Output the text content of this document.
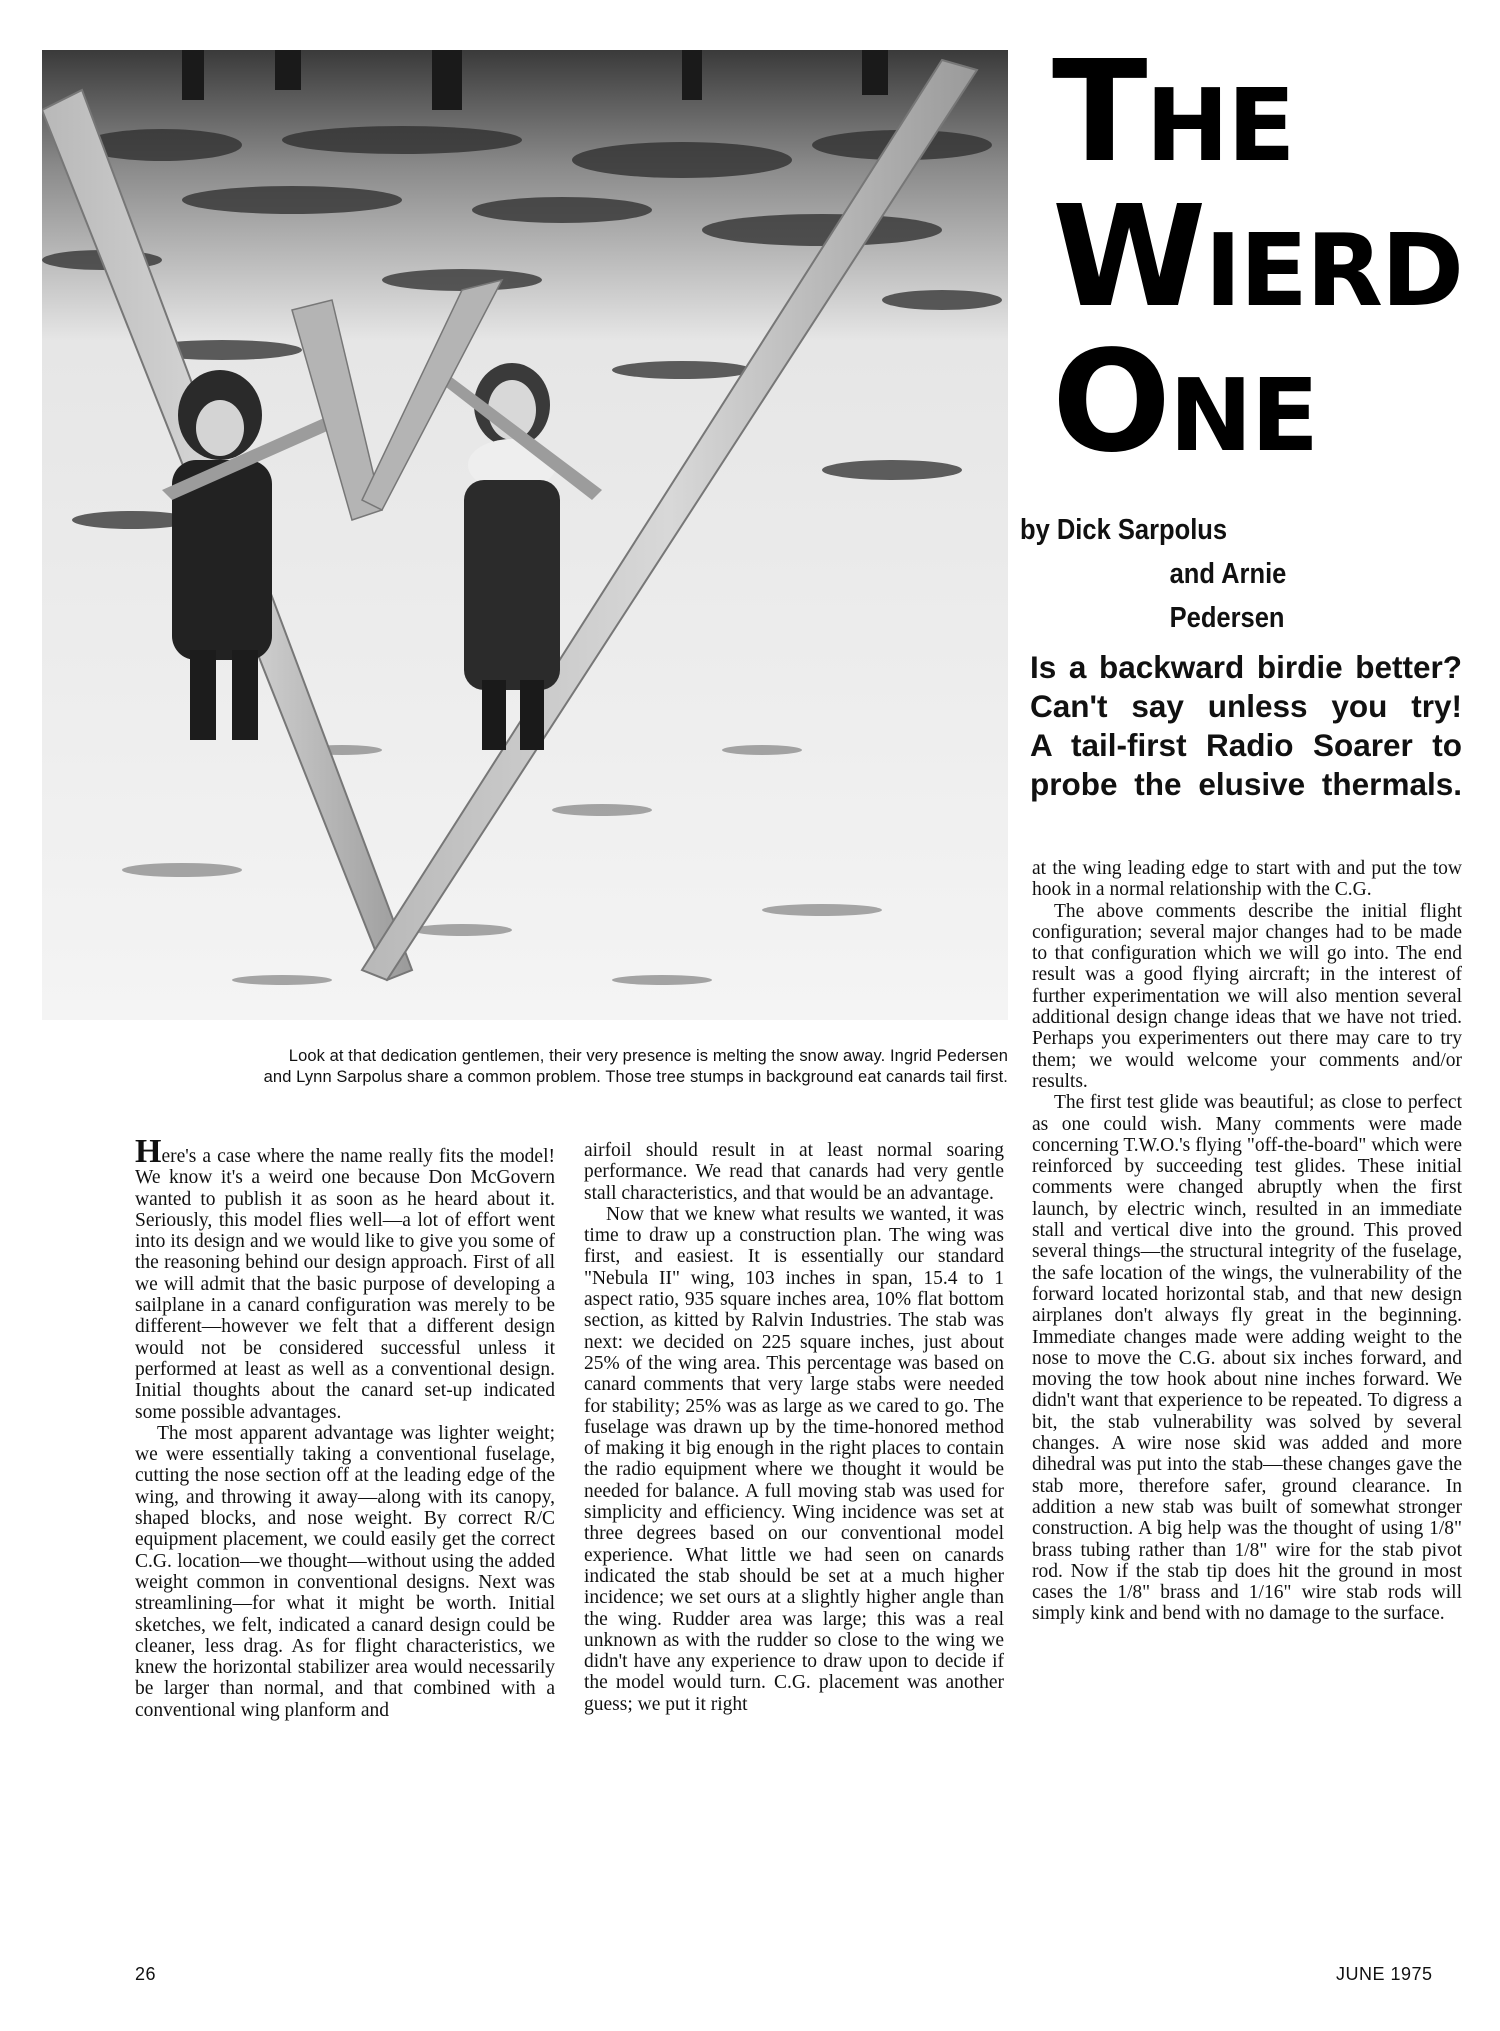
Look at that dedication gentlemen, their very presence is melting the snow away. Ingrid Pedersen
and Lynn Sarpolus share a common problem. Those tree stumps in background eat canards tail first.
THE
WIERD
ONE
by Dick Sarpolus
and Arnie Pedersen
Is a backward birdie better?
Can't say unless you try!
A tail-first Radio Soarer to
probe the elusive thermals.

Here's a case where the name really fits the model! We know it's a weird one because Don McGovern wanted to publish it as soon as he heard about it. Seriously, this model flies well—a lot of effort went into its design and we would like to give you some of the reasoning behind our design approach. First of all we will admit that the basic purpose of developing a sailplane in a canard configuration was merely to be different—however we felt that a different design would not be considered successful unless it performed at least as well as a conventional design. Initial thoughts about the canard set-up indicated some possible advantages.

The most apparent advantage was lighter weight; we were essentially taking a conventional fuselage, cutting the nose section off at the leading edge of the wing, and throwing it away—along with its canopy, shaped blocks, and nose weight. By correct R/C equipment placement, we could easily get the correct C.G. location—we thought—without using the added weight common in conventional designs. Next was streamlining—for what it might be worth. Initial sketches, we felt, indicated a canard design could be cleaner, less drag. As for flight characteristics, we knew the horizontal stabilizer area would necessarily be larger than normal, and that combined with a conventional wing planform and

airfoil should result in at least normal soaring performance. We read that canards had very gentle stall characteristics, and that would be an advantage.

Now that we knew what results we wanted, it was time to draw up a construction plan. The wing was first, and easiest. It is essentially our standard "Nebula II" wing, 103 inches in span, 15.4 to 1 aspect ratio, 935 square inches area, 10% flat bottom section, as kitted by Ralvin Industries. The stab was next: we decided on 225 square inches, just about 25% of the wing area. This percentage was based on canard comments that very large stabs were needed for stability; 25% was as large as we cared to go. The fuselage was drawn up by the time-honored method of making it big enough in the right places to contain the radio equipment where we thought it would be needed for balance. A full moving stab was used for simplicity and efficiency. Wing incidence was set at three degrees based on our conventional model experience. What little we had seen on canards indicated the stab should be set at a much higher incidence; we set ours at a slightly higher angle than the wing. Rudder area was large; this was a real unknown as with the rudder so close to the wing we didn't have any experience to draw upon to decide if the model would turn. C.G. placement was another guess; we put it right

at the wing leading edge to start with and put the tow hook in a normal relationship with the C.G.

The above comments describe the initial flight configuration; several major changes had to be made to that configuration which we will go into. The end result was a good flying aircraft; in the interest of further experimentation we will also mention several additional design change ideas that we have not tried. Perhaps you experimenters out there may care to try them; we would welcome your comments and/or results.

The first test glide was beautiful; as close to perfect as one could wish. Many comments were made concerning T.W.O.'s flying "off-the-board" which were reinforced by succeeding test glides. These initial comments were changed abruptly when the first launch, by electric winch, resulted in an immediate stall and vertical dive into the ground. This proved several things—the structural integrity of the fuselage, the safe location of the wings, the vulnerability of the forward located horizontal stab, and that new design airplanes don't always fly great in the beginning. Immediate changes made were adding weight to the nose to move the C.G. about six inches forward, and moving the tow hook about nine inches forward. We didn't want that experience to be repeated. To digress a bit, the stab vulnerability was solved by several changes. A wire nose skid was added and more dihedral was put into the stab—these changes gave the stab more, therefore safer, ground clearance. In addition a new stab was built of somewhat stronger construction. A big help was the thought of using 1/8" brass tubing rather than 1/8" wire for the stab pivot rod. Now if the stab tip does hit the ground in most cases the 1/8" brass and 1/16" wire stab rods will simply kink and bend with no damage to the surface.

26	JUNE 1975
